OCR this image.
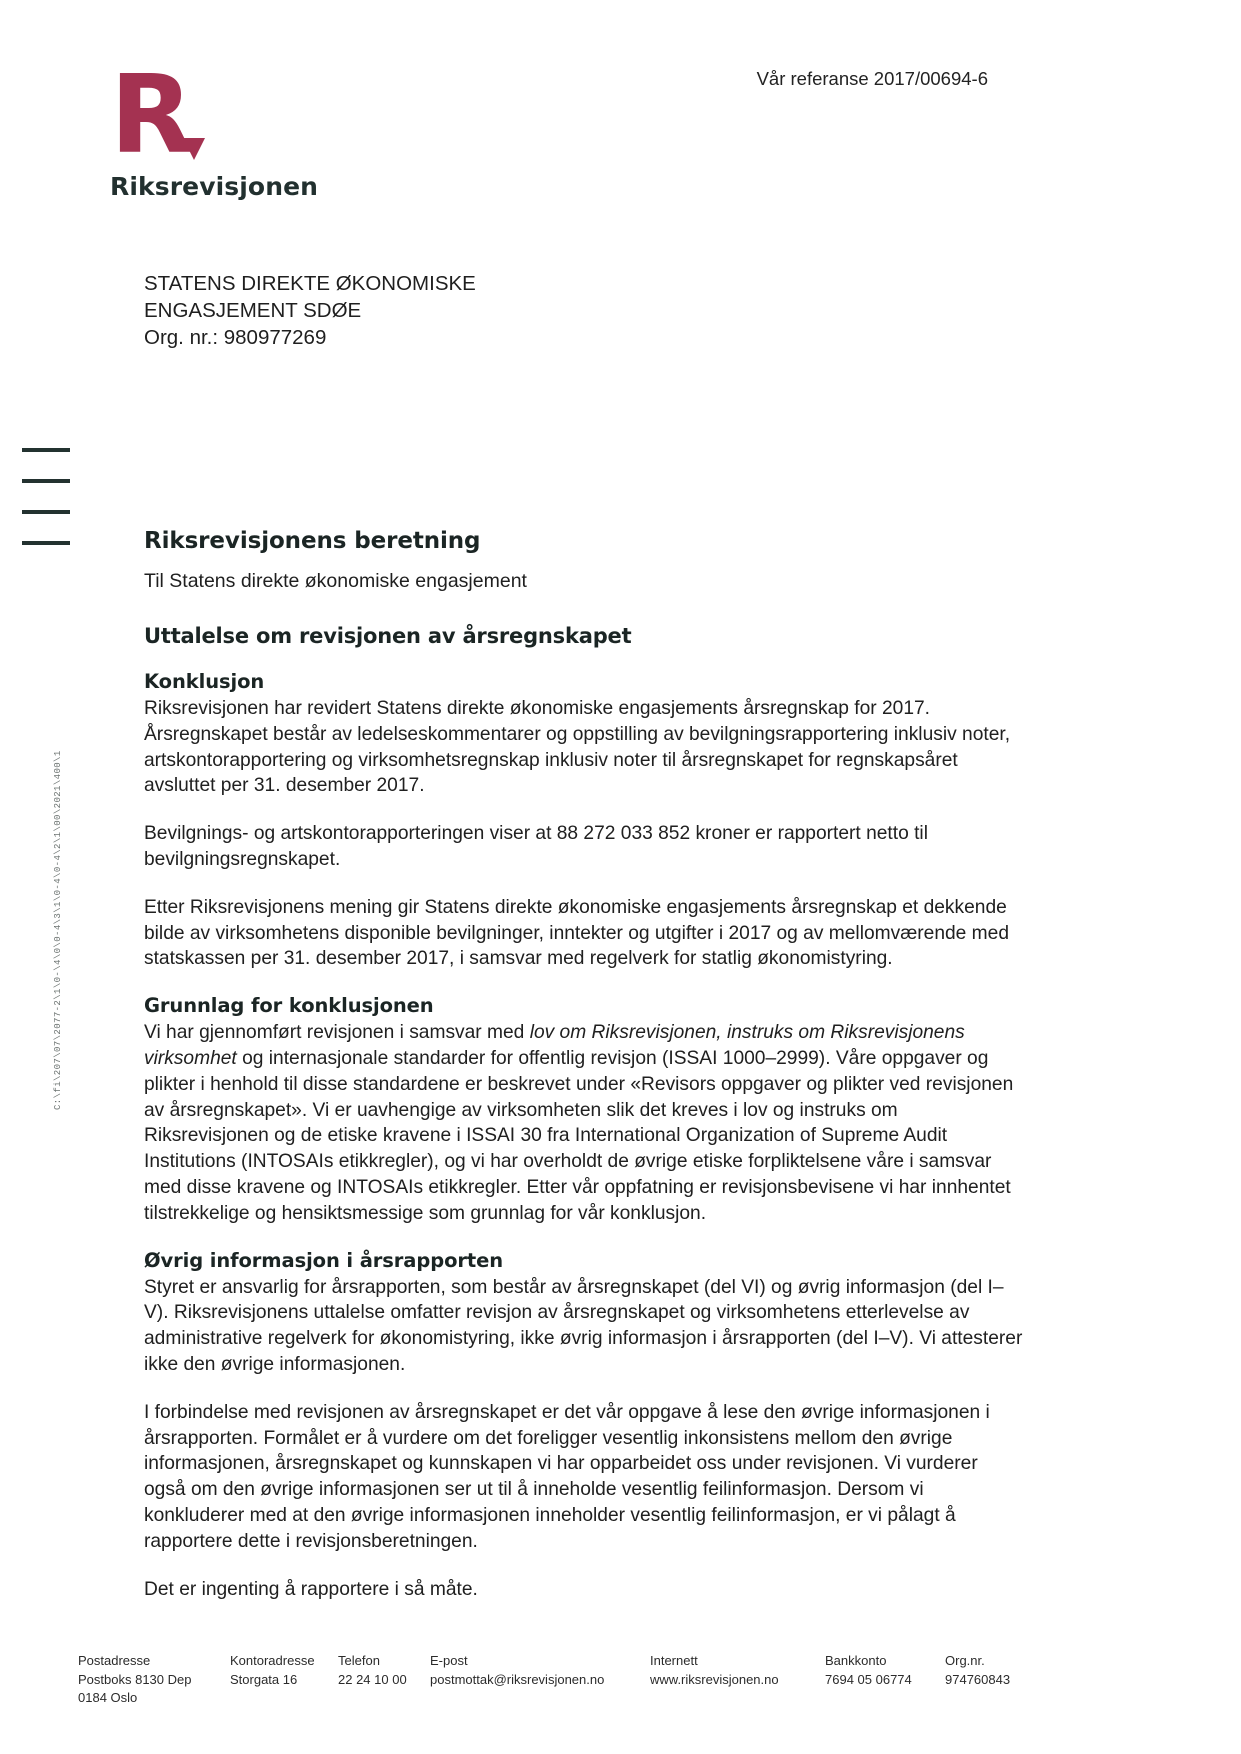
R
Riksrevisjonen
Vår referanse 2017/00694-6
STATENS DIREKTE ØKONOMISKE
ENGASJEMENT SDØE
Org. nr.: 980977269
C:\fi\207\07\2077-2\1\0-\4\0\0-4\3\1\0-4\0-4\2\1\00\2021\400\1
Riksrevisjonens beretning

Til Statens direkte økonomiske engasjement

Uttalelse om revisjonen av årsregnskapet
Konklusjon

Riksrevisjonen har revidert Statens direkte økonomiske engasjements årsregnskap for 2017. Årsregnskapet består av ledelseskommentarer og oppstilling av bevilgningsrapportering inklusiv noter, artskontorapportering og virksomhetsregnskap inklusiv noter til årsregnskapet for regnskapsåret avsluttet per 31. desember 2017.

Bevilgnings- og artskontorapporteringen viser at 88 272 033 852 kroner er rapportert netto til bevilgningsregnskapet.

Etter Riksrevisjonens mening gir Statens direkte økonomiske engasjements årsregnskap et dekkende bilde av virksomhetens disponible bevilgninger, inntekter og utgifter i 2017 og av mellomværende med statskassen per 31. desember 2017, i samsvar med regelverk for statlig økonomistyring.

Grunnlag for konklusjonen

Vi har gjennomført revisjonen i samsvar med lov om Riksrevisjonen, instruks om Riksrevisjonens virksomhet og internasjonale standarder for offentlig revisjon (ISSAI 1000–2999). Våre oppgaver og plikter i henhold til disse standardene er beskrevet under «Revisors oppgaver og plikter ved revisjonen av årsregnskapet». Vi er uavhengige av virksomheten slik det kreves i lov og instruks om Riksrevisjonen og de etiske kravene i ISSAI 30 fra International Organization of Supreme Audit Institutions (INTOSAIs etikkregler), og vi har overholdt de øvrige etiske forpliktelsene våre i samsvar med disse kravene og INTOSAIs etikkregler. Etter vår oppfatning er revisjonsbevisene vi har innhentet tilstrekkelige og hensiktsmessige som grunnlag for vår konklusjon.

Øvrig informasjon i årsrapporten

Styret er ansvarlig for årsrapporten, som består av årsregnskapet (del VI) og øvrig informasjon (del I–V). Riksrevisjonens uttalelse omfatter revisjon av årsregnskapet og virksomhetens etterlevelse av administrative regelverk for økonomistyring, ikke øvrig informasjon i årsrapporten (del I–V). Vi attesterer ikke den øvrige informasjonen.

I forbindelse med revisjonen av årsregnskapet er det vår oppgave å lese den øvrige informasjonen i årsrapporten. Formålet er å vurdere om det foreligger vesentlig inkonsistens mellom den øvrige informasjonen, årsregnskapet og kunnskapen vi har opparbeidet oss under revisjonen. Vi vurderer også om den øvrige informasjonen ser ut til å inneholde vesentlig feilinformasjon. Dersom vi konkluderer med at den øvrige informasjonen inneholder vesentlig feilinformasjon, er vi pålagt å rapportere dette i revisjonsberetningen.

Det er ingenting å rapportere i så måte.

Postadresse
Postboks 8130 Dep
0184 Oslo
Kontoradresse
Storgata 16
Telefon
22 24 10 00
E-post
postmottak@riksrevisjonen.no
Internett
www.riksrevisjonen.no
Bankkonto
7694 05 06774
Org.nr.
974760843
